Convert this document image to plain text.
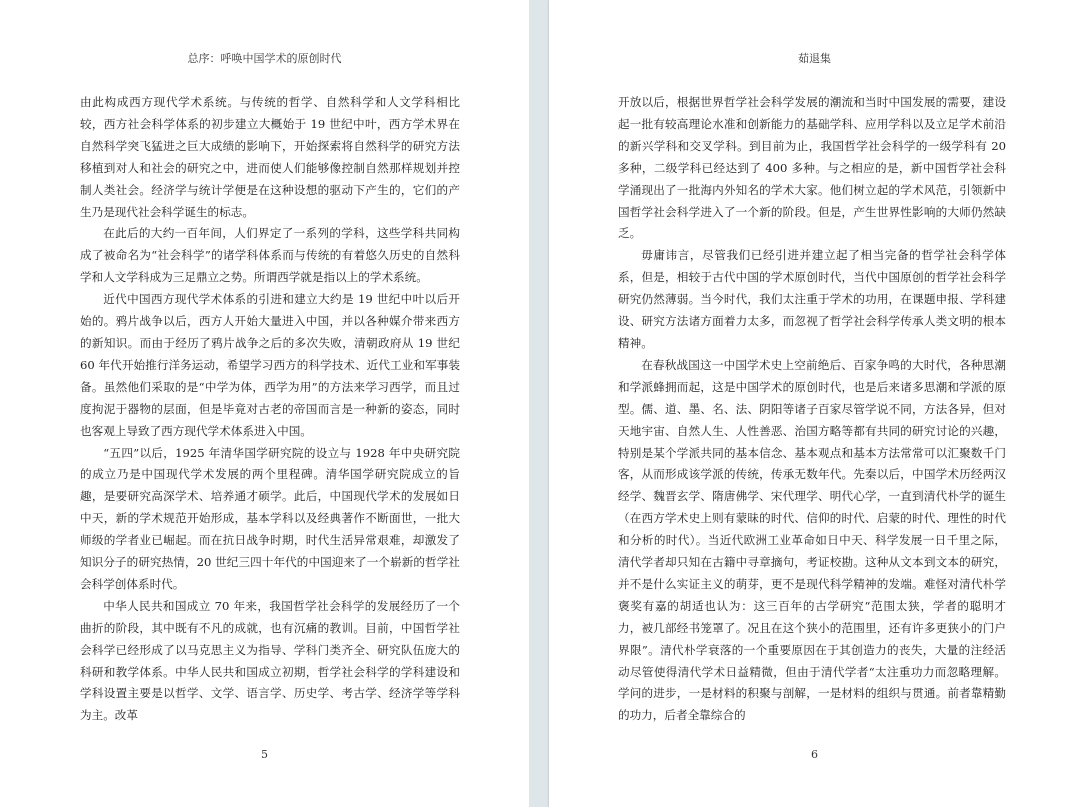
总序：呼唤中国学术的原创时代

由此构成西方现代学术系统。与传统的哲学、自然科学和人文学科相比较，西方社会科学体系的初步建立大概始于 19 世纪中叶，西方学术界在自然科学突飞猛进之巨大成绩的影响下，开始探索将自然科学的研究方法移植到对人和社会的研究之中，进而使人们能够像控制自然那样规划并控制人类社会。经济学与统计学便是在这种设想的驱动下产生的，它们的产生乃是现代社会科学诞生的标志。

在此后的大约一百年间，人们界定了一系列的学科，这些学科共同构成了被命名为“社会科学”的诸学科体系而与传统的有着悠久历史的自然科学和人文学科成为三足鼎立之势。所谓西学就是指以上的学术系统。

近代中国西方现代学术体系的引进和建立大约是 19 世纪中叶以后开始的。鸦片战争以后，西方人开始大量进入中国，并以各种媒介带来西方的新知识。而由于经历了鸦片战争之后的多次失败，清朝政府从 19 世纪 60 年代开始推行洋务运动，希望学习西方的科学技术、近代工业和军事装备。虽然他们采取的是“中学为体，西学为用”的方法来学习西学，而且过度拘泥于器物的层面，但是毕竟对古老的帝国而言是一种新的姿态，同时也客观上导致了西方现代学术体系进入中国。

“五四”以后，1925 年清华国学研究院的设立与 1928 年中央研究院的成立乃是中国现代学术发展的两个里程碑。清华国学研究院成立的旨趣，是要研究高深学术、培养通才硕学。此后，中国现代学术的发展如日中天，新的学术规范开始形成，基本学科以及经典著作不断面世，一批大师级的学者业已崛起。而在抗日战争时期，时代生活异常艰难，却激发了知识分子的研究热情，20 世纪三四十年代的中国迎来了一个崭新的哲学社会科学创体系时代。

中华人民共和国成立 70 年来，我国哲学社会科学的发展经历了一个曲折的阶段，其中既有不凡的成就，也有沉痛的教训。目前，中国哲学社会科学已经形成了以马克思主义为指导、学科门类齐全、研究队伍庞大的科研和教学体系。中华人民共和国成立初期，哲学社会科学的学科建设和学科设置主要是以哲学、文学、语言学、历史学、考古学、经济学等学科为主。改革

5
茹退集

开放以后，根据世界哲学社会科学发展的潮流和当时中国发展的需要，建设起一批有较高理论水准和创新能力的基础学科、应用学科以及立足学术前沿的新兴学科和交叉学科。到目前为止，我国哲学社会科学的一级学科有 20 多种，二级学科已经达到了 400 多种。与之相应的是，新中国哲学社会科学涌现出了一批海内外知名的学术大家。他们树立起的学术风范，引领新中国哲学社会科学进入了一个新的阶段。但是，产生世界性影响的大师仍然缺乏。

毋庸讳言，尽管我们已经引进并建立起了相当完备的哲学社会科学体系，但是，相较于古代中国的学术原创时代，当代中国原创的哲学社会科学研究仍然薄弱。当今时代，我们太注重于学术的功用，在课题申报、学科建设、研究方法诸方面着力太多，而忽视了哲学社会科学传承人类文明的根本精神。

在春秋战国这一中国学术史上空前绝后、百家争鸣的大时代，各种思潮和学派蜂拥而起，这是中国学术的原创时代，也是后来诸多思潮和学派的原型。儒、道、墨、名、法、阴阳等诸子百家尽管学说不同，方法各异，但对天地宇宙、自然人生、人性善恶、治国方略等都有共同的研究讨论的兴趣，特别是某个学派共同的基本信念、基本观点和基本方法常常可以汇聚数千门客，从而形成该学派的传统，传承无数年代。先秦以后，中国学术历经两汉经学、魏晋玄学、隋唐佛学、宋代理学、明代心学，一直到清代朴学的诞生（在西方学术史上则有蒙昧的时代、信仰的时代、启蒙的时代、理性的时代和分析的时代）。当近代欧洲工业革命如日中天、科学发展一日千里之际，清代学者却只知在古籍中寻章摘句，考证校勘。这种从文本到文本的研究，并不是什么实证主义的萌芽，更不是现代科学精神的发端。难怪对清代朴学褒奖有嘉的胡适也认为：这三百年的古学研究“范围太狭，学者的聪明才力，被几部经书笼罩了。况且在这个狭小的范围里，还有许多更狭小的门户界限”。清代朴学衰落的一个重要原因在于其创造力的丧失，大量的注经活动尽管使得清代学术日益精微，但由于清代学者“太注重功力而忽略理解。学问的进步，一是材料的积聚与剖解，一是材料的组织与贯通。前者靠精勤的功力，后者全靠综合的

6
